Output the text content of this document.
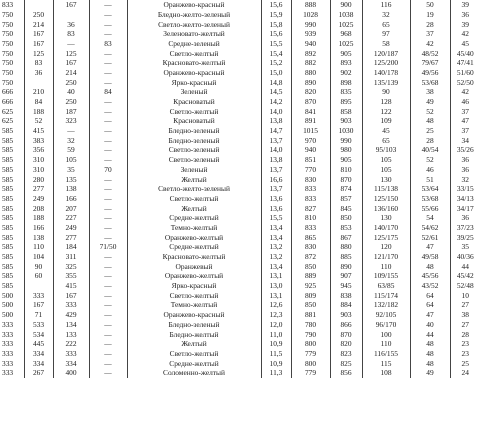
833		167	—	Оранжево-красный	15,6	888	900	116	50	39
750	250		—	Бледно-желто-зеленый	15,9	1028	1038	32	19	36
750	214	36	—	Светло-желто-зеленый	15,8	990	1025	65	28	39
750	167	83	—	Зеленовато-желтый	15,6	939	968	97	37	42
750	167	—	83	Средне-зеленый	15,5	940	1025	58	42	45
750	125	125	—	Светло-желтый	15,4	892	905	120/187	48/52	45/40
750	83	167	—	Красновато-желтый	15,2	882	893	125/200	79/67	47/41
750	36	214	—	Оранжево-красный	15,0	880	902	140/178	49/56	51/60
750		250	—	Ярко-красный	14,8	890	898	135/139	53/68	52/50
666	210	40	84	Зеленый	14,5	820	835	90	38	42
666	84	250	—	Красноватый	14,2	870	895	128	49	46
625	188	187	—	Светло-желтый	14,0	841	858	122	52	37
625	52	323	—	Красноватый	13,8	891	903	109	48	47
585	415	—	—	Бледно-зеленый	14,7	1015	1030	45	25	37
585	383	32	—	Бледно-зеленый	13,7	970	990	65	28	34
585	356	59	—	Светло-зеленый	14,0	940	980	95/103	40/54	35/26
585	310	105	—	Светло-зеленый	13,8	851	905	105	52	36
585	310	35	70	Зеленый	13,7	770	810	105	46	36
585	280	135	—	Желтый	16,6	830	870	130	51	32
585	277	138	—	Светло-желто-зеленый	13,7	833	874	115/138	53/64	33/15
585	249	166	—	Светло-желтый	13,6	833	857	125/150	53/68	34/13
585	208	207	—	Желтый	13,6	827	845	136/160	55/66	34/17
585	188	227	—	Средне-желтый	15,5	810	850	130	54	36
585	166	249	—	Темно-желтый	13,4	833	853	140/170	54/62	37/23
585	138	277	—	Оранжево-желтый	13,4	865	867	125/175	52/61	39/25
585	110	184	71/50	Средне-желтый	13,2	830	880	120	47	35
585	104	311	—	Красновато-желтый	13,2	872	885	121/170	49/58	40/36
585	90	325	—	Оранжевый	13,4	850	890	110	48	44
585	60	355	—	Оранжево-желтый	13,1	889	907	109/155	45/56	45/42
585		415	—	Ярко-красный	13,0	925	945	63/85	43/52	52/48
500	333	167	—	Светло-желтый	13,1	809	838	115/174	64	10
500	167	333	—	Темно-желтый	12,6	850	884	132/182	64	27
500	71	429	—	Оранжево-красный	12,3	881	903	92/105	47	38
333	533	134	—	Бледно-зеленый	12,0	780	866	96/170	40	27
333	534	133	—	Бледно-желтый	11,0	790	870	100	44	28
333	445	222	—	Желтый	10,9	800	820	110	48	23
333	334	333	—	Светло-желтый	11,5	779	823	116/155	48	23
333	334	334	—	Средне-желтый	10,9	800	825	115	48	25
333	267	400	—	Соломенно-желтый	11,3	779	856	108	49	24
